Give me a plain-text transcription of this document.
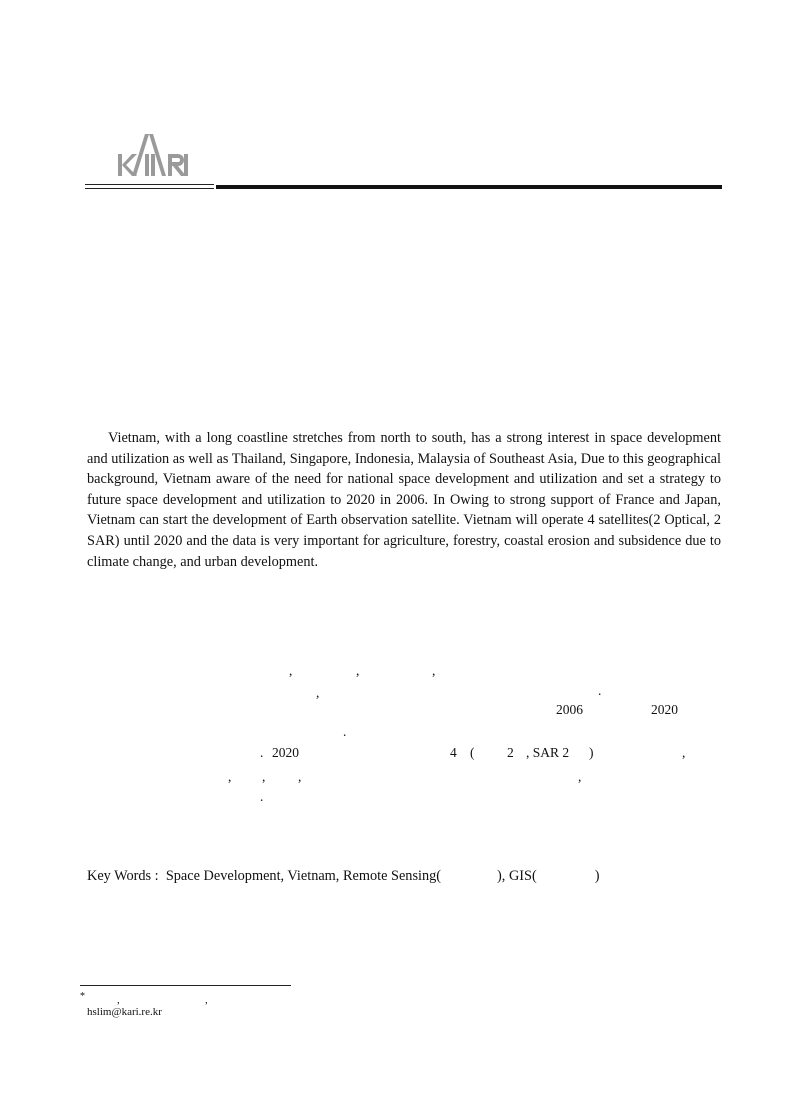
KARI

Vietnam, with a long coastline stretches from north to south, has a strong interest in space development and utilization as well as Thailand, Singapore, Indonesia, Malaysia of Southeast Asia, Due to this geographical background, Vietnam aware of the need for national space development and utilization and set a strategy to future space development and utilization to 2020 in 2006. In Owing to strong support of France and Japan, Vietnam can start the development of Earth observation satellite. Vietnam will operate 4 satellites(2 Optical, 2 SAR) until 2020 and the data is very important for agriculture, forestry, coastal erosion and subsidence due to climate change, and urban development.

,	,	,
,	.
2006	2020
.
. 2020	4 ( 2 , SAR 2 )	,
, , ,	,
.
Key Words :  Space Development, Vietnam, Remote Sensing(	), GIS(	)
*	,	,
hslim@kari.re.kr
